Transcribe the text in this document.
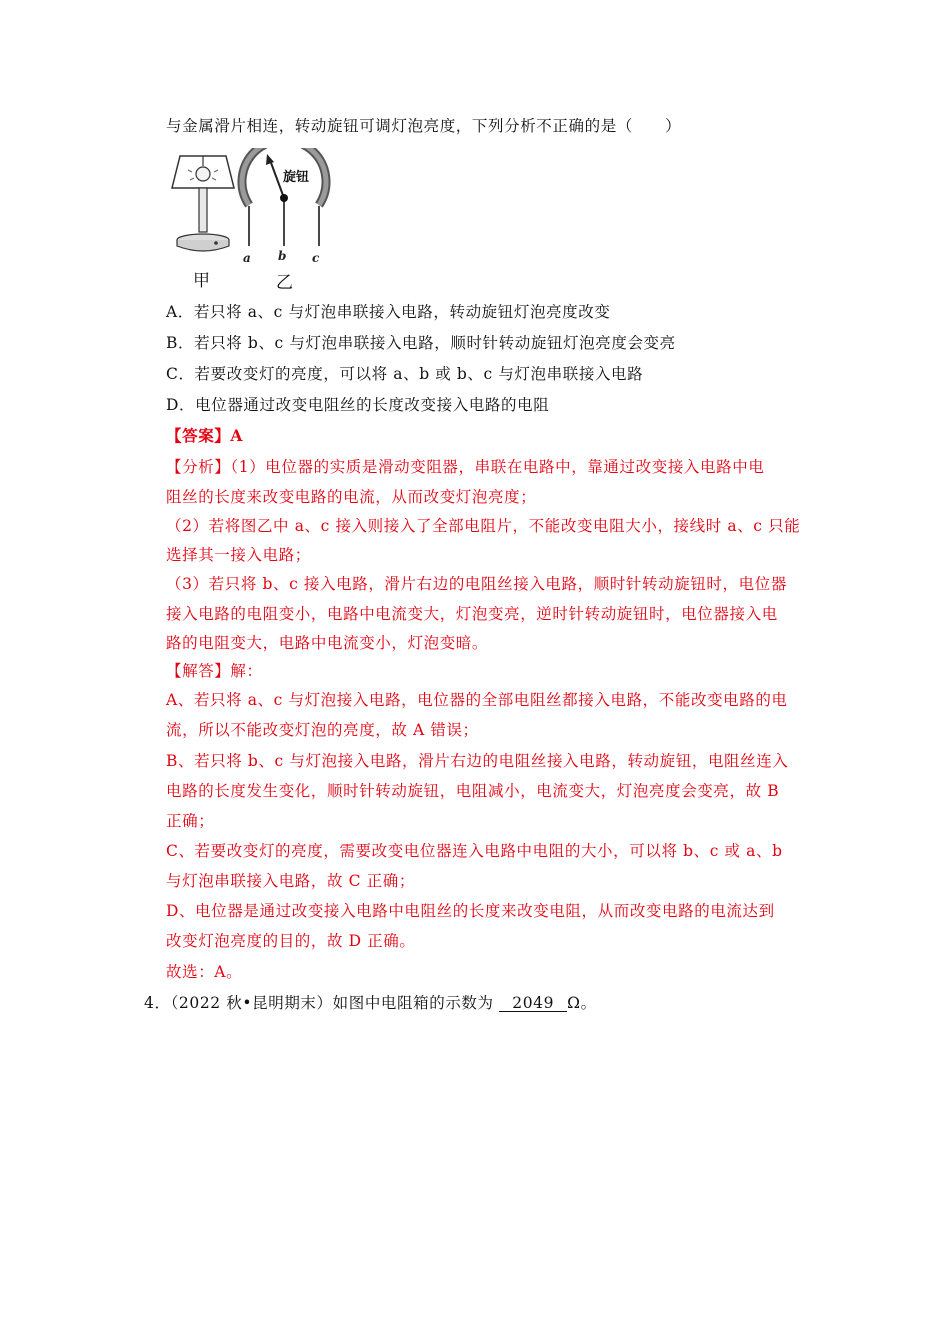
与金属滑片相连，转动旋钮可调灯泡亮度，下列分析不正确的是（　　）
旋钮
a b c
甲	乙
A．若只将 a、c 与灯泡串联接入电路，转动旋钮灯泡亮度改变
B．若只将 b、c 与灯泡串联接入电路，顺时针转动旋钮灯泡亮度会变亮
C．若要改变灯的亮度，可以将 a、b 或 b、c 与灯泡串联接入电路
D．电位器通过改变电阻丝的长度改变接入电路的电阻
【答案】A
【分析】（1）电位器的实质是滑动变阻器，串联在电路中，靠通过改变接入电路中电
阻丝的长度来改变电路的电流，从而改变灯泡亮度；
（2）若将图乙中 a、c 接入则接入了全部电阻片，不能改变电阻大小，接线时 a、c 只能
选择其一接入电路；
（3）若只将 b、c 接入电路，滑片右边的电阻丝接入电路，顺时针转动旋钮时，电位器
接入电路的电阻变小，电路中电流变大，灯泡变亮，逆时针转动旋钮时，电位器接入电
路的电阻变大，电路中电流变小，灯泡变暗。
【解答】解：
A、若只将 a、c 与灯泡接入电路，电位器的全部电阻丝都接入电路，不能改变电路的电
流，所以不能改变灯泡的亮度，故 A 错误；
B、若只将 b、c 与灯泡接入电路，滑片右边的电阻丝接入电路，转动旋钮，电阻丝连入
电路的长度发生变化，顺时针转动旋钮，电阻减小，电流变大，灯泡亮度会变亮，故 B
正确；
C、若要改变灯的亮度，需要改变电位器连入电路中电阻的大小，可以将 b、c 或 a、b
与灯泡串联接入电路，故 C 正确；
D、电位器是通过改变接入电路中电阻丝的长度来改变电阻，从而改变电路的电流达到
改变灯泡亮度的目的，故 D 正确。
故选：A。
4．（2022 秋•昆明期末）如图中电阻箱的示数为 2049 Ω。
